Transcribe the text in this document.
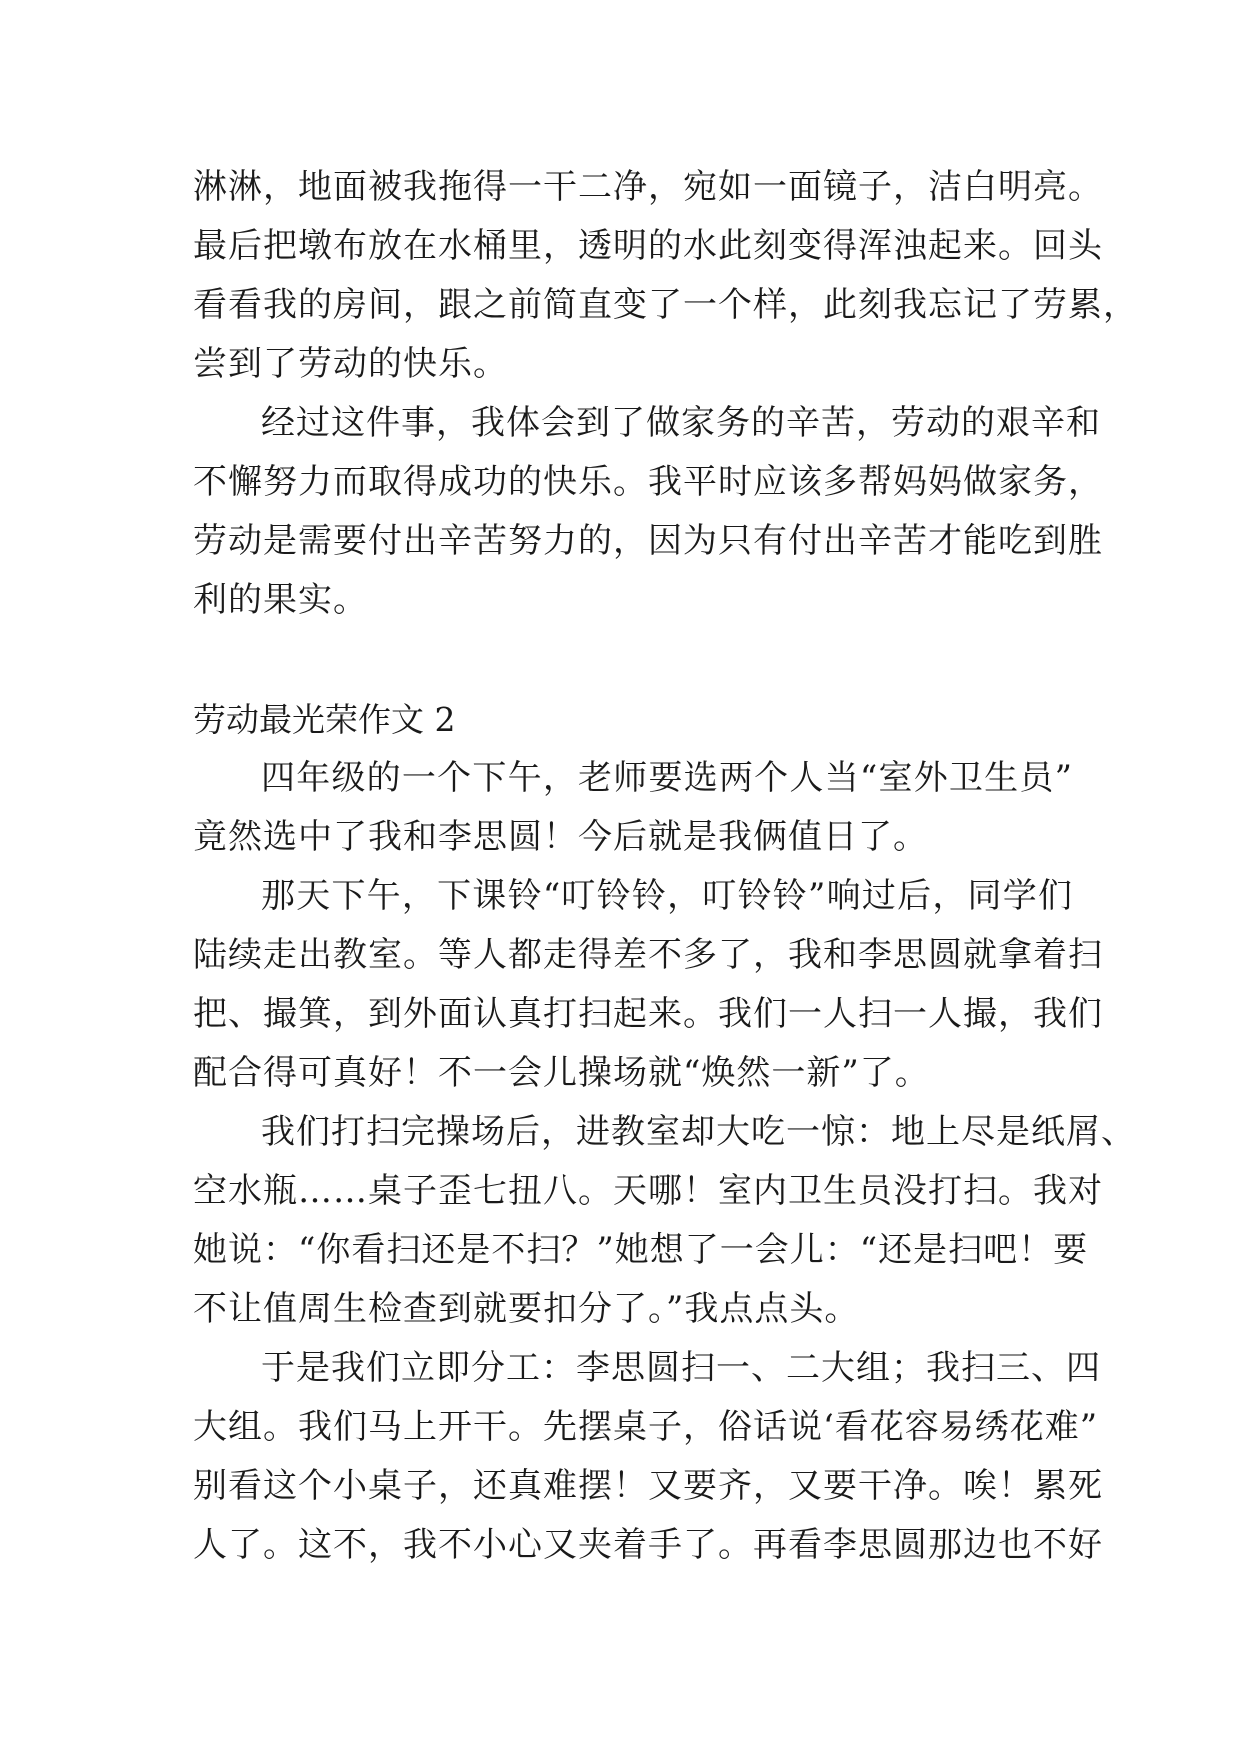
淋淋，地面被我拖得一干二净，宛如一面镜子，洁白明亮。
最后把墩布放在水桶里，透明的水此刻变得浑浊起来。回头
看看我的房间，跟之前简直变了一个样，此刻我忘记了劳累，
尝到了劳动的快乐。
经过这件事，我体会到了做家务的辛苦，劳动的艰辛和
不懈努力而取得成功的快乐。我平时应该多帮妈妈做家务，
劳动是需要付出辛苦努力的，因为只有付出辛苦才能吃到胜
利的果实。
劳动最光荣作文 2
四年级的一个下午，老师要选两个人当“室外卫生员”
竟然选中了我和李思圆！今后就是我俩值日了。
那天下午，下课铃“叮铃铃，叮铃铃”响过后，同学们
陆续走出教室。等人都走得差不多了，我和李思圆就拿着扫
把、撮箕，到外面认真打扫起来。我们一人扫一人撮，我们
配合得可真好！不一会儿操场就“焕然一新”了。
我们打扫完操场后，进教室却大吃一惊：地上尽是纸屑、
空水瓶……桌子歪七扭八。天哪！室内卫生员没打扫。我对
她说：“你看扫还是不扫？”她想了一会儿：“还是扫吧！要
不让值周生检查到就要扣分了。”我点点头。
于是我们立即分工：李思圆扫一、二大组；我扫三、四
大组。我们马上开干。先摆桌子，俗话说‘看花容易绣花难”
别看这个小桌子，还真难摆！又要齐，又要干净。唉！累死
人了。这不，我不小心又夹着手了。再看李思圆那边也不好
